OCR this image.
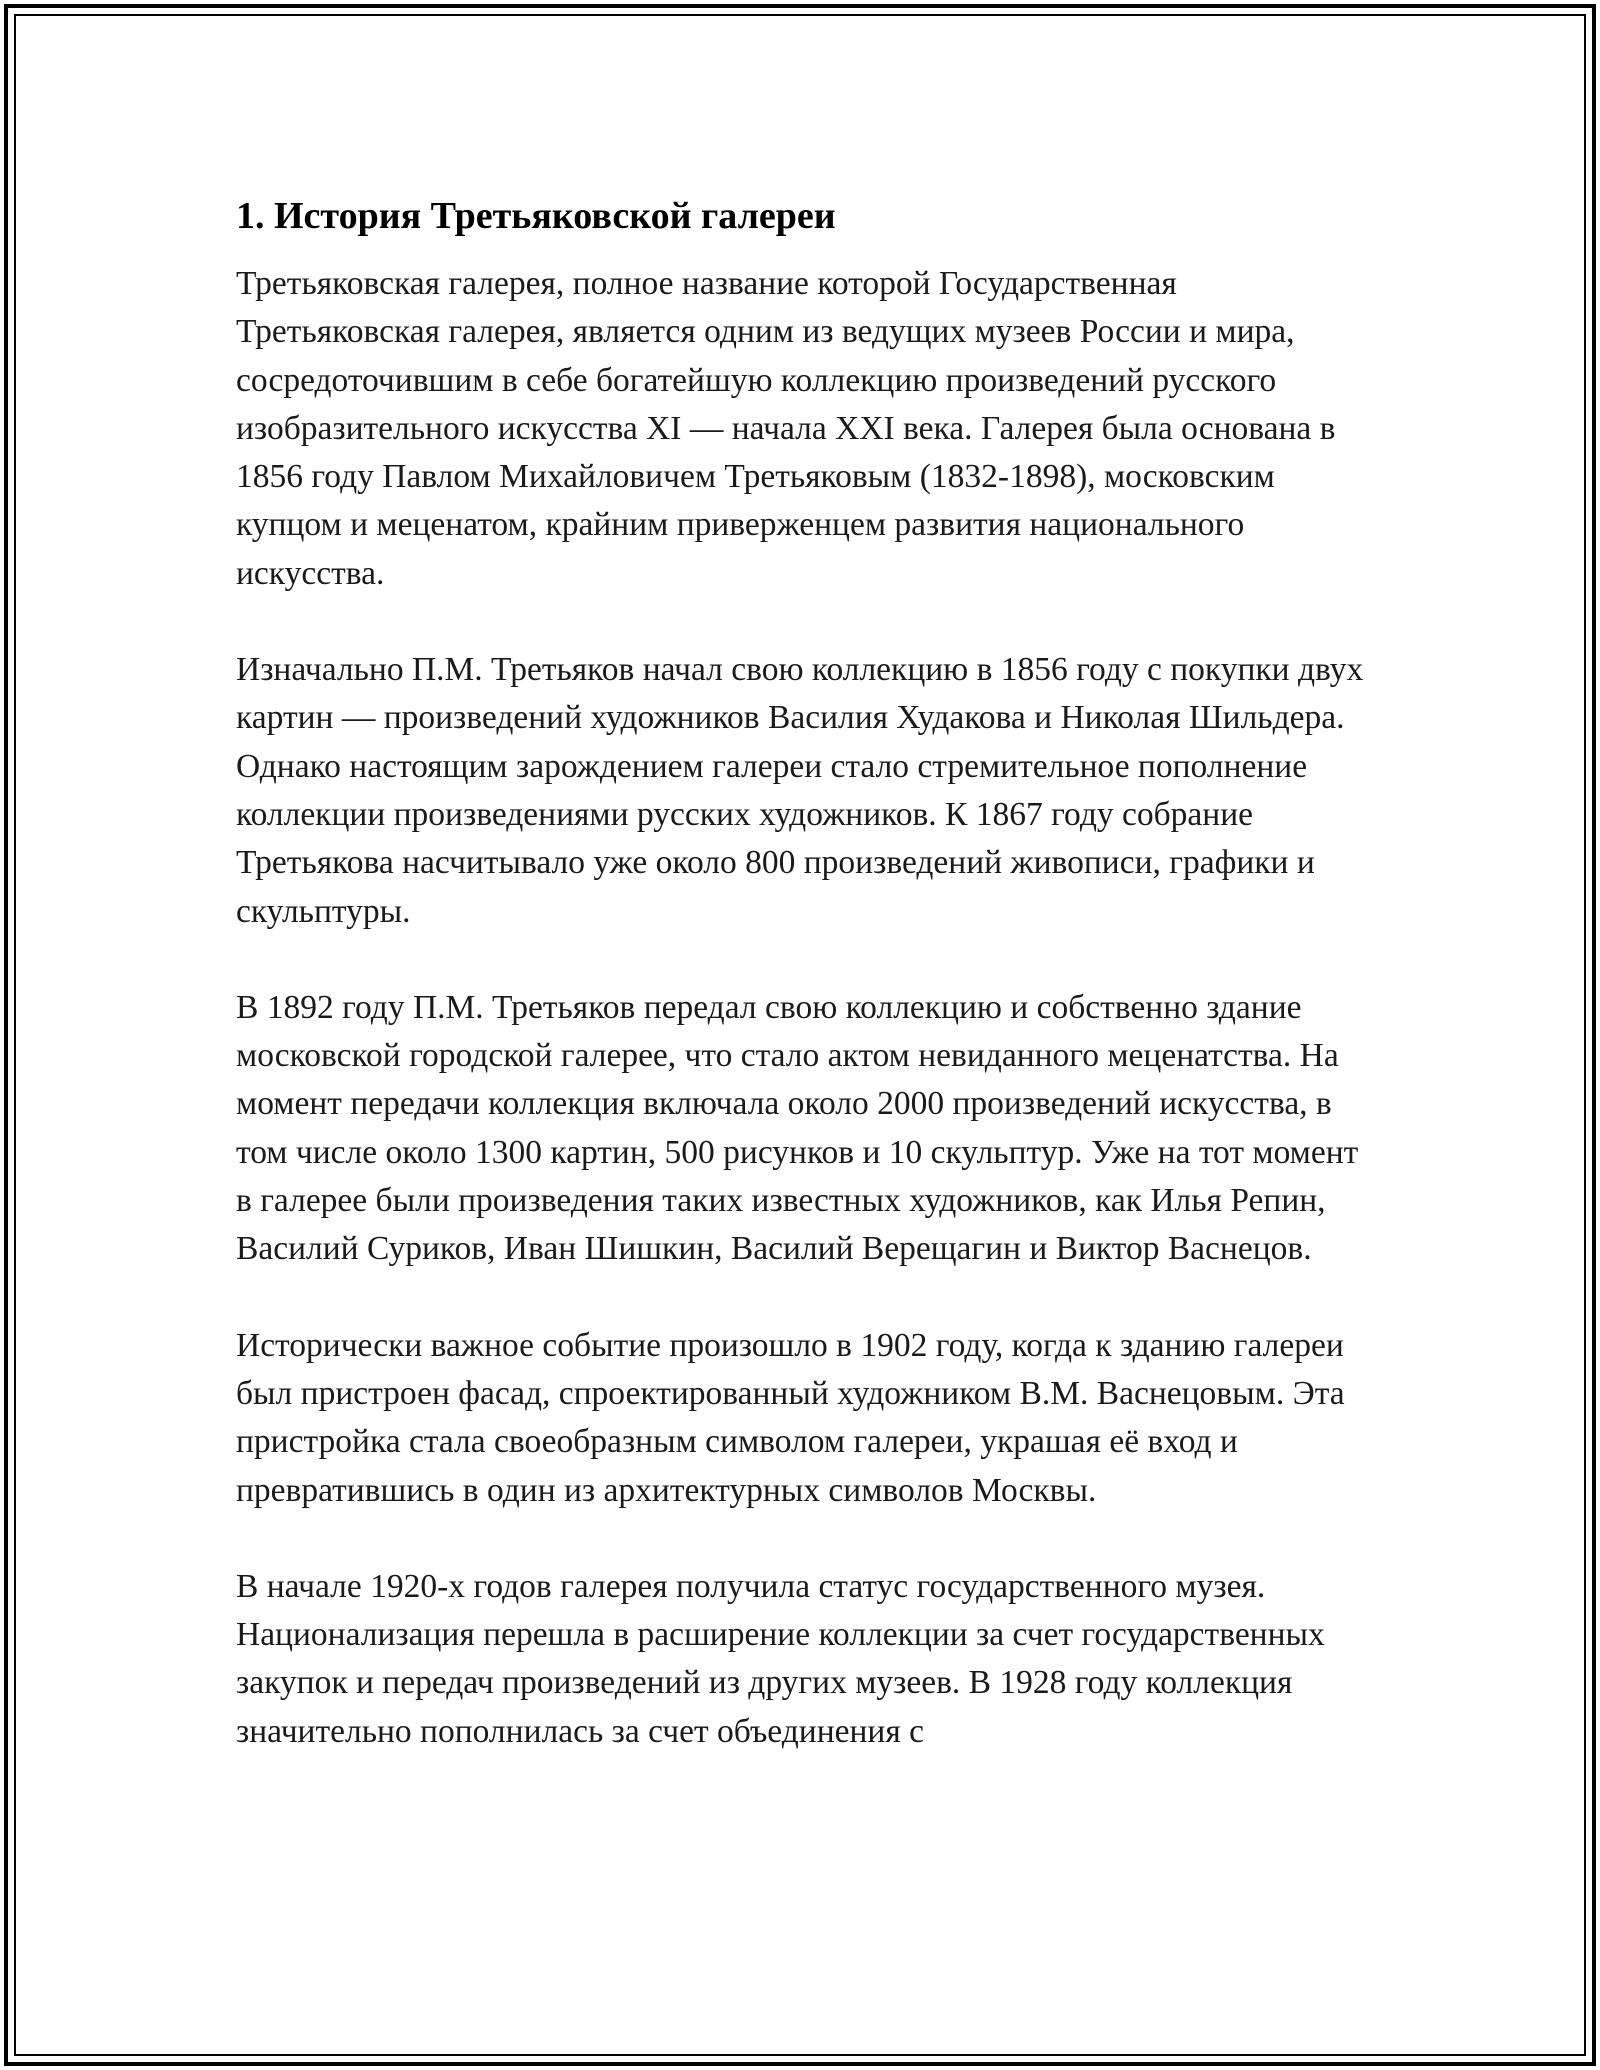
1. История Третьяковской галереи

Третьяковская галерея, полное название которой Государственная Третьяковская галерея, является одним из ведущих музеев России и мира, сосредоточившим в себе богатейшую коллекцию произведений русского изобразительного искусства XI — начала XXI века. Галерея была основана в 1856 году Павлом Михайловичем Третьяковым (1832-1898), московским купцом и меценатом, крайним приверженцем развития национального искусства.

Изначально П.М. Третьяков начал свою коллекцию в 1856 году с покупки двух картин — произведений художников Василия Худакова и Николая Шильдера. Однако настоящим зарождением галереи стало стремительное пополнение коллекции произведениями русских художников. К 1867 году собрание Третьякова насчитывало уже около 800 произведений живописи, графики и скульптуры.

В 1892 году П.М. Третьяков передал свою коллекцию и собственно здание московской городской галерее, что стало актом невиданного меценатства. На момент передачи коллекция включала около 2000 произведений искусства, в том числе около 1300 картин, 500 рисунков и 10 скульптур. Уже на тот момент в галерее были произведения таких известных художников, как Илья Репин, Василий Суриков, Иван Шишкин, Василий Верещагин и Виктор Васнецов.

Исторически важное событие произошло в 1902 году, когда к зданию галереи был пристроен фасад, спроектированный художником В.М. Васнецовым. Эта пристройка стала своеобразным символом галереи, украшая её вход и превратившись в один из архитектурных символов Москвы.

В начале 1920-х годов галерея получила статус государственного музея. Национализация перешла в расширение коллекции за счет государственных закупок и передач произведений из других музеев. В 1928 году коллекция значительно пополнилась за счет объединения с
